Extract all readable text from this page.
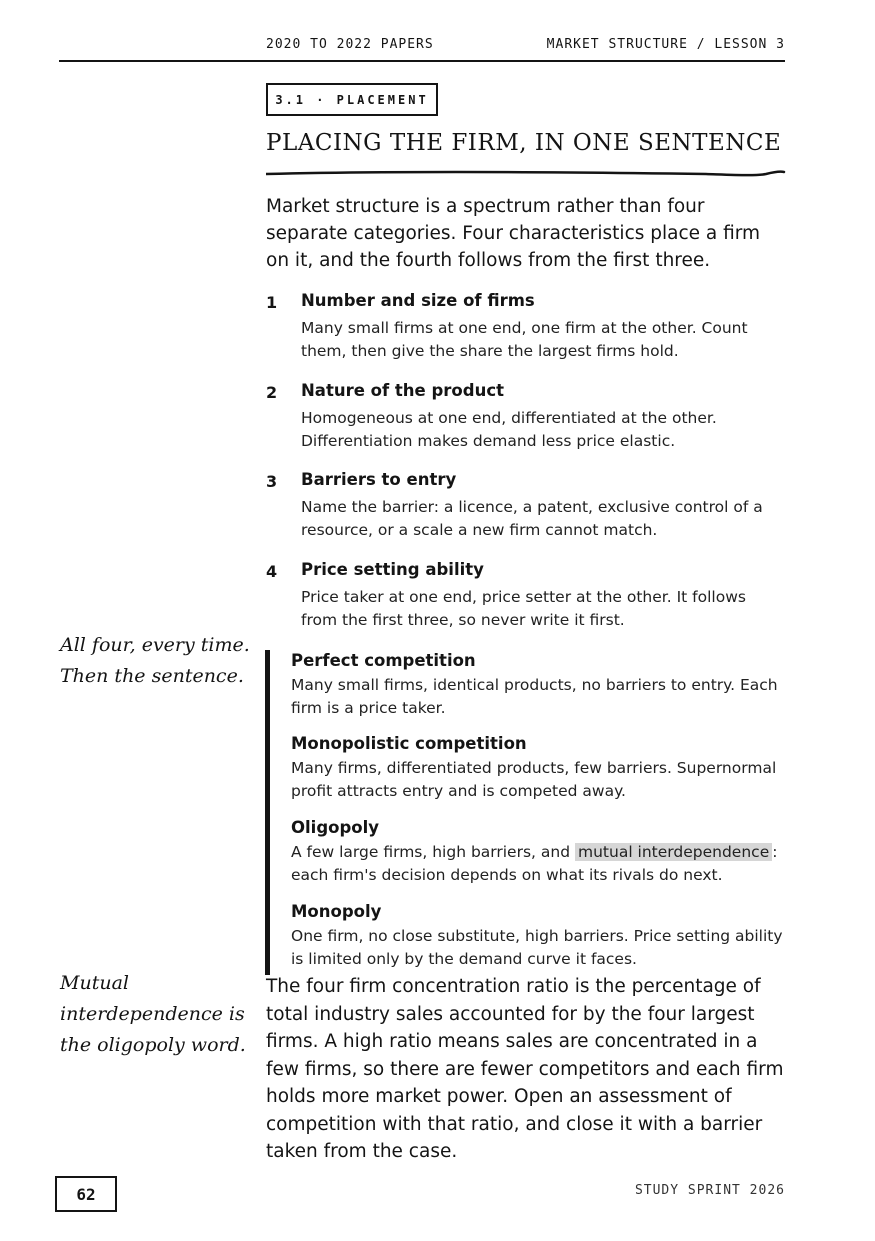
2020 TO 2022 PAPERS	MARKET STRUCTURE / LESSON 3
3.1 · PLACEMENT
PLACING THE FIRM, IN ONE SENTENCE
Market structure is a spectrum rather than four separate categories. Four characteristics place a firm on it, and the fourth follows from the first three.
1 Number and size of firms
Many small firms at one end, one firm at the other. Count them, then give the share the largest firms hold.
2 Nature of the product
Homogeneous at one end, differentiated at the other. Differentiation makes demand less price elastic.
3 Barriers to entry
Name the barrier: a licence, a patent, exclusive control of a resource, or a scale a new firm cannot match.
4 Price setting ability
Price taker at one end, price setter at the other. It follows from the first three, so never write it first.
All four, every time.
Then the sentence.
Mutual
interdependence is
the oligopoly word.
Perfect competition
Many small firms, identical products, no barriers to entry. Each firm is a price taker.
Monopolistic competition
Many firms, differentiated products, few barriers. Supernormal profit attracts entry and is competed away.
Oligopoly
A few large firms, high barriers, and mutual interdependence : each firm's decision depends on what its rivals do next.
Monopoly
One firm, no close substitute, high barriers. Price setting ability is limited only by the demand curve it faces.
The four firm concentration ratio is the percentage of total industry sales accounted for by the four largest firms. A high ratio means sales are concentrated in a few firms, so there are fewer competitors and each firm holds more market power. Open an assessment of competition with that ratio, and close it with a barrier taken from the case.
62	STUDY SPRINT 2026
